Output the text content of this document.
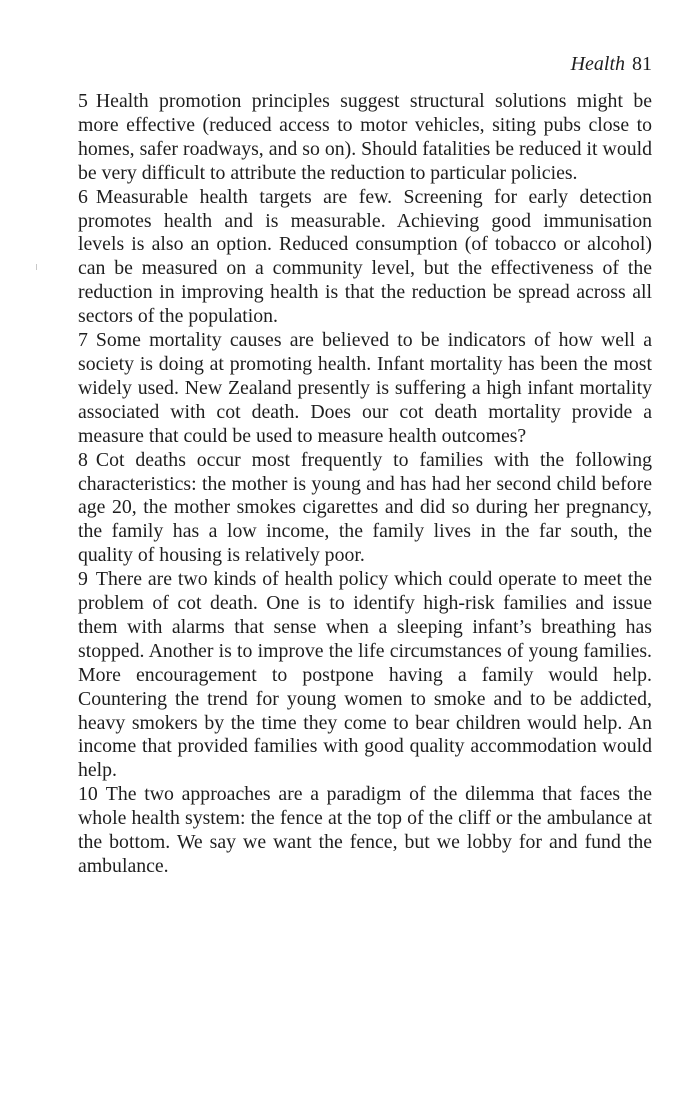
Health 81

5 Health promotion principles suggest structural solutions might be more effective (reduced access to motor vehicles, siting pubs close to homes, safer roadways, and so on). Should fatalities be reduced it would be very difficult to attribute the reduction to particular policies.

6 Measurable health targets are few. Screening for early detection promotes health and is measurable. Achieving good immunisation levels is also an option. Reduced consumption (of tobacco or alcohol) can be measured on a community level, but the effectiveness of the reduction in improving health is that the reduction be spread across all sectors of the population.

7 Some mortality causes are believed to be indicators of how well a society is doing at promoting health. Infant mortality has been the most widely used. New Zealand presently is suffering a high infant mortality associated with cot death. Does our cot death mortality provide a measure that could be used to measure health outcomes?

8 Cot deaths occur most frequently to families with the following characteristics: the mother is young and has had her second child before age 20, the mother smokes cigarettes and did so during her pregnancy, the family has a low income, the family lives in the far south, the quality of housing is relatively poor.

9 There are two kinds of health policy which could operate to meet the problem of cot death. One is to identify high-risk families and issue them with alarms that sense when a sleeping infant’s breathing has stopped. Another is to improve the life circumstances of young families. More encouragement to postpone having a family would help. Countering the trend for young women to smoke and to be addicted, heavy smokers by the time they come to bear children would help. An income that provided families with good quality accommodation would help.

10 The two approaches are a paradigm of the dilemma that faces the whole health system: the fence at the top of the cliff or the ambulance at the bottom. We say we want the fence, but we lobby for and fund the ambulance.
